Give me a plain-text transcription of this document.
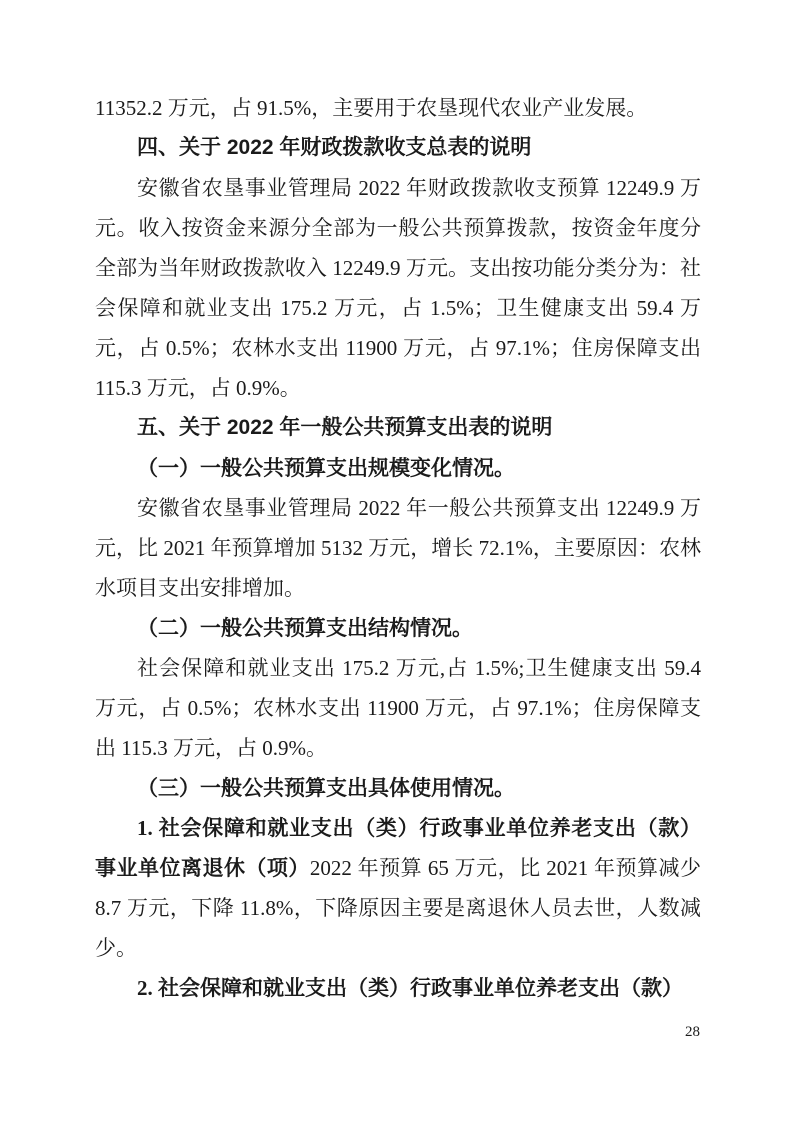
11352.2 万元，占 91.5%，主要用于农垦现代农业产业发展。

四、关于 2022 年财政拨款收支总表的说明

安徽省农垦事业管理局 2022 年财政拨款收支预算 12249.9 万元。收入按资金来源分全部为一般公共预算拨款，按资金年度分全部为当年财政拨款收入 12249.9 万元。支出按功能分类分为：社会保障和就业支出 175.2 万元，占 1.5%；卫生健康支出 59.4 万元，占 0.5%；农林水支出 11900 万元，占 97.1%；住房保障支出 115.3 万元，占 0.9%。

五、关于 2022 年一般公共预算支出表的说明

（一）一般公共预算支出规模变化情况。

安徽省农垦事业管理局 2022 年一般公共预算支出 12249.9 万元，比 2021 年预算增加 5132 万元，增长 72.1%，主要原因：农林水项目支出安排增加。

（二）一般公共预算支出结构情况。

社会保障和就业支出 175.2 万元,占 1.5%;卫生健康支出 59.4 万元，占 0.5%；农林水支出 11900 万元，占 97.1%；住房保障支出 115.3 万元，占 0.9%。

（三）一般公共预算支出具体使用情况。

1. 社会保障和就业支出（类）行政事业单位养老支出（款）事业单位离退休（项）2022 年预算 65 万元，比 2021 年预算减少 8.7 万元，下降 11.8%，下降原因主要是离退休人员去世，人数减少。

2. 社会保障和就业支出（类）行政事业单位养老支出（款）

28
